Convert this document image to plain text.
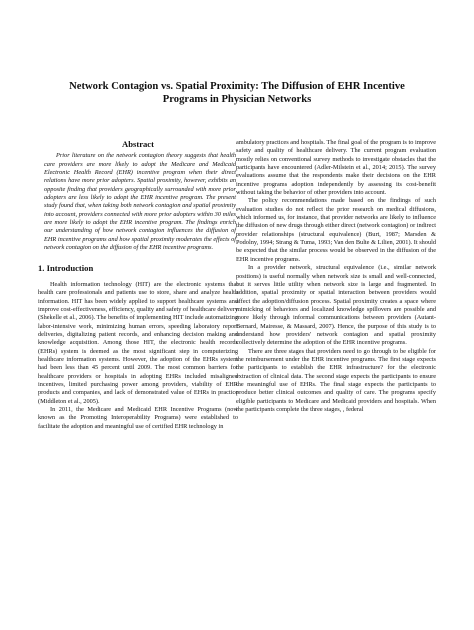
Network Contagion vs. Spatial Proximity: The Diffusion of EHR Incentive
Programs in Physician Networks
Abstract

Prior literature on the network contagion theory suggests that health care providers are more likely to adopt the Medicare and Medicaid Electronic Health Record (EHR) incentive program when their direct relations have more prior adopters. Spatial proximity, however, exhibits an opposite finding that providers geographically surrounded with more prior adopters are less likely to adopt the EHR incentive program. The present study found that, when taking both network contagion and spatial proximity into account, providers connected with more prior adopters within 30 miles are more likely to adopt the EHR incentive program. The findings enrich our understanding of how network contagion influences the diffusion of EHR incentive programs and how spatial proximity moderates the effects of network contagion on the diffusion of the EHR incentive programs.

1. Introduction

Health information technology (HIT) are the electronic systems that health care professionals and patients use to store, share and analyze health information. HIT has been widely applied to support healthcare systems and improve cost-effectiveness, efficiency, quality and safety of healthcare delivery (Shekelle et al., 2006). The benefits of implementing HIT include automatizing labor-intensive work, minimizing human errors, speeding laboratory report deliveries, digitalizing patient records, and enhancing decision making and knowledge acquisition. Among those HIT, the electronic health records (EHRs) system is deemed as the most significant step in computerizing healthcare information systems. However, the adoption of the EHRs system had been less than 45 percent until 2009. The most common barriers for healthcare providers or hospitals in adopting EHRs included misaligned incentives, limited purchasing power among providers, viability of EHR products and companies, and lack of demonstrated value of EHRs in practice (Middleton et al., 2005).

In 2011, the Medicare and Medicaid EHR Incentive Programs (now known as the Promoting Interoperability Programs) were established to facilitate the adoption and meaningful use of certified EHR technology in

ambulatory practices and hospitals. The final goal of the program is to improve safety and quality of healthcare delivery. The current program evaluation mostly relies on conventional survey methods to investigate obstacles that the participants have encountered (Adler-Milstein et al., 2014; 2015). The survey evaluations assume that the respondents make their decisions on the EHR incentive programs adoption independently by assessing its cost-benefit without taking the behavior of other providers into account.

The policy recommendations made based on the findings of such evaluation studies do not reflect the prior research on medical diffusions, which informed us, for instance, that provider networks are likely to influence the diffusion of new drugs through either direct (network contagion) or indirect provider relationships (structural equivalence) (Burt, 1987; Marsden & Podolny, 1994; Strang & Tuma, 1993; Van den Bulte & Lilien, 2001). It should be expected that the similar process would be observed in the diffusion of the EHR incentive programs.

In a provider network, structural equivalence (i.e., similar network positions) is useful normally when network size is small and well-connected, but it serves little utility when network size is large and fragmented. In addition, spatial proximity or spatial interaction between providers would affect the adoption/diffusion process. Spatial proximity creates a space where mimicking of behaviors and localized knowledge spillovers are possible and more likely through informal communications between providers (Autant-Bernard, Mairesse, & Massard, 2007). Hence, the purpose of this study is to understand how providers' network contagion and spatial proximity collectively determine the adoption of the EHR incentive programs.

There are three stages that providers need to go through to be eligible for the reimbursement under the EHR incentive programs. The first stage expects the participants to establish the EHR infrastructure? for the electronic extraction of clinical data. The second stage expects the participants to ensure the meaningful use of EHRs. The final stage expects the participants to produce better clinical outcomes and quality of care. The programs specify eligible participants to Medicare and Medicaid providers and hospitals. When the participants complete the three stages, , federal
